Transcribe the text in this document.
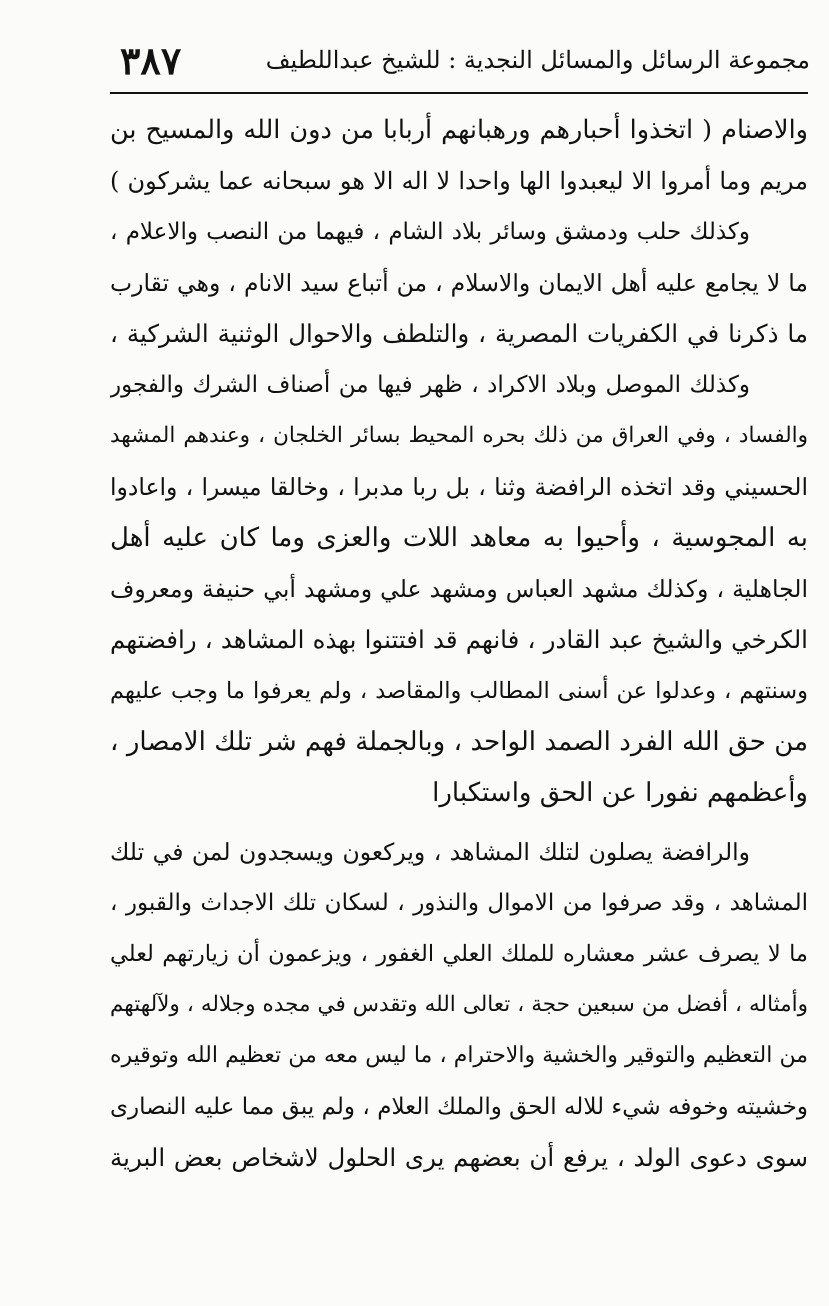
مجموعة الرسائل والمسائل النجدية : للشيخ عبداللطيف
٣٨٧
والاصنام ( اتخذوا أحبارهم ورهبانهم أربابا من دون الله والمسيح بن
مريم وما أمروا الا ليعبدوا الها واحدا لا اله الا هو سبحانه عما يشركون )
وكذلك حلب ودمشق وسائر بلاد الشام ، فيهما من النصب والاعلام ،
ما لا يجامع عليه أهل الايمان والاسلام ، من أتباع سيد الانام ، وهي تقارب
ما ذكرنا في الكفريات المصرية ، والتلطف والاحوال الوثنية الشركية ،
وكذلك الموصل وبلاد الاكراد ، ظهر فيها من أصناف الشرك والفجور
والفساد ، وفي العراق من ذلك بحره المحيط بسائر الخلجان ، وعندهم المشهد
الحسيني وقد اتخذه الرافضة وثنا ، بل ربا مدبرا ، وخالقا ميسرا ، واعادوا
به المجوسية ، وأحيوا به معاهد اللات والعزى وما كان عليه أهل
الجاهلية ، وكذلك مشهد العباس ومشهد علي ومشهد أبي حنيفة ومعروف
الكرخي والشيخ عبد القادر ، فانهم قد افتتنوا بهذه المشاهد ، رافضتهم
وسنتهم ، وعدلوا عن أسنى المطالب والمقاصد ، ولم يعرفوا ما وجب عليهم
من حق الله الفرد الصمد الواحد ، وبالجملة فهم شر تلك الامصار ،
وأعظمهم نفورا عن الحق واستكبارا
والرافضة يصلون لتلك المشاهد ، ويركعون ويسجدون لمن في تلك
المشاهد ، وقد صرفوا من الاموال والنذور ، لسكان تلك الاجداث والقبور ،
ما لا يصرف عشر معشاره للملك العلي الغفور ، ويزعمون أن زيارتهم لعلي
وأمثاله ، أفضل من سبعين حجة ، تعالى الله وتقدس في مجده وجلاله ، ولآلهتهم
من التعظيم والتوقير والخشية والاحترام ، ما ليس معه من تعظيم الله وتوقيره
وخشيته وخوفه شيء للاله الحق والملك العلام ، ولم يبق مما عليه النصارى
سوى دعوى الولد ، يرفع أن بعضهم يرى الحلول لاشخاص بعض البرية
